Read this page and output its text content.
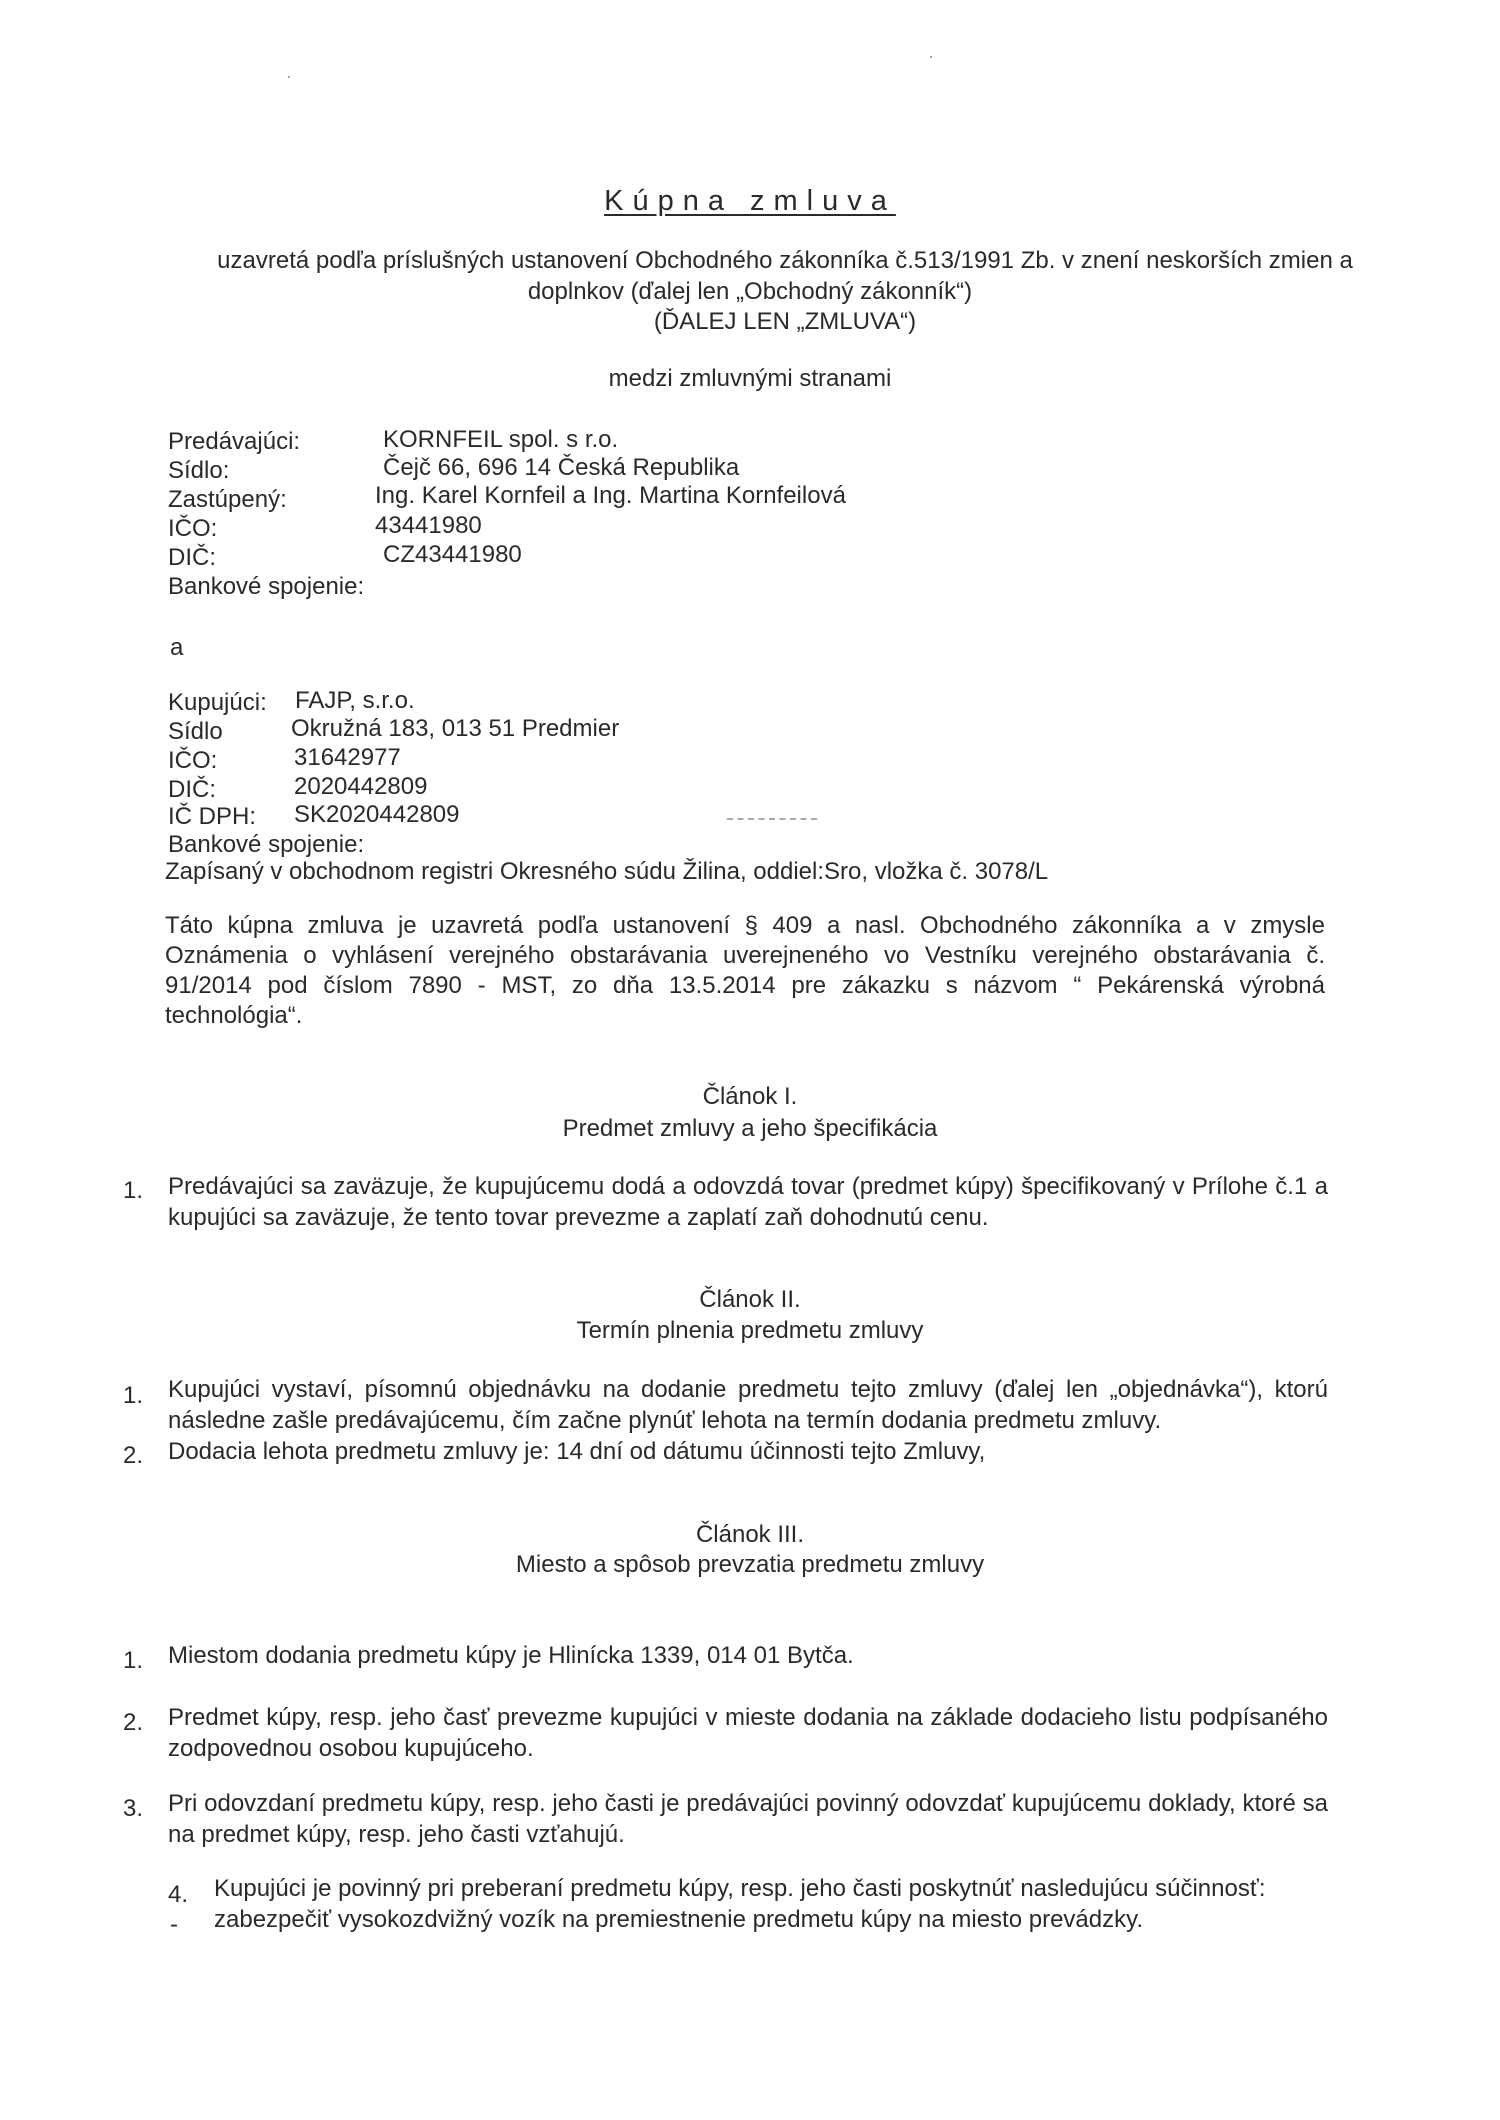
Kúpna zmluva
uzavretá podľa príslušných ustanovení Obchodného zákonníka č.513/1991 Zb. v znení neskorších zmien a
doplnkov (ďalej len „Obchodný zákonník“)
(ĎALEJ LEN „ZMLUVA“)
medzi zmluvnými stranami
Predávajúci:	KORNFEIL spol. s r.o.
Sídlo:	Čejč 66, 696 14 Česká Republika
Zastúpený:	Ing. Karel Kornfeil a Ing. Martina Kornfeilová
IČO:	43441980
DIČ:	CZ43441980
Bankové spojenie:
a
Kupujúci: FAJP, s.r.o.
Sídlo	Okružná 183, 013 51 Predmier
IČO:	31642977
DIČ:	2020442809
IČ DPH: SK2020442809
Bankové spojenie:
Zapísaný v obchodnom registri Okresného súdu Žilina, oddiel:Sro, vložka č. 3078/L
Táto kúpna zmluva je uzavretá podľa ustanovení § 409 a nasl. Obchodného zákonníka a v zmysle Oznámenia o vyhlásení verejného obstarávania uverejneného vo Vestníku verejného obstarávania č. 91/2014 pod číslom 7890 - MST, zo dňa 13.5.2014 pre zákazku s názvom “ Pekárenská výrobná technológia“.
Článok I.
Predmet zmluvy a jeho špecifikácia
1. Predávajúci sa zaväzuje, že kupujúcemu dodá a odovzdá tovar (predmet kúpy) špecifikovaný v Prílohe č.1 a kupujúci sa zaväzuje, že tento tovar prevezme a zaplatí zaň dohodnutú cenu.
Článok II.
Termín plnenia predmetu zmluvy
1. Kupujúci vystaví, písomnú objednávku na dodanie predmetu tejto zmluvy (ďalej len „objednávka“), ktorú následne zašle predávajúcemu, čím začne plynúť lehota na termín dodania predmetu zmluvy.
2. Dodacia lehota predmetu zmluvy je: 14 dní od dátumu účinnosti tejto Zmluvy,
Článok III.
Miesto a spôsob prevzatia predmetu zmluvy
1. Miestom dodania predmetu kúpy je Hlinícka 1339, 014 01 Bytča.
2. Predmet kúpy, resp. jeho časť prevezme kupujúci v mieste dodania na základe dodacieho listu podpísaného zodpovednou osobou kupujúceho.
3. Pri odovzdaní predmetu kúpy, resp. jeho časti je predávajúci povinný odovzdať kupujúcemu doklady, ktoré sa na predmet kúpy, resp. jeho časti vzťahujú.
4. Kupujúci je povinný pri preberaní predmetu kúpy, resp. jeho časti poskytnúť nasledujúcu súčinnosť:
- zabezpečiť vysokozdvižný vozík na premiestnenie predmetu kúpy na miesto prevádzky.
